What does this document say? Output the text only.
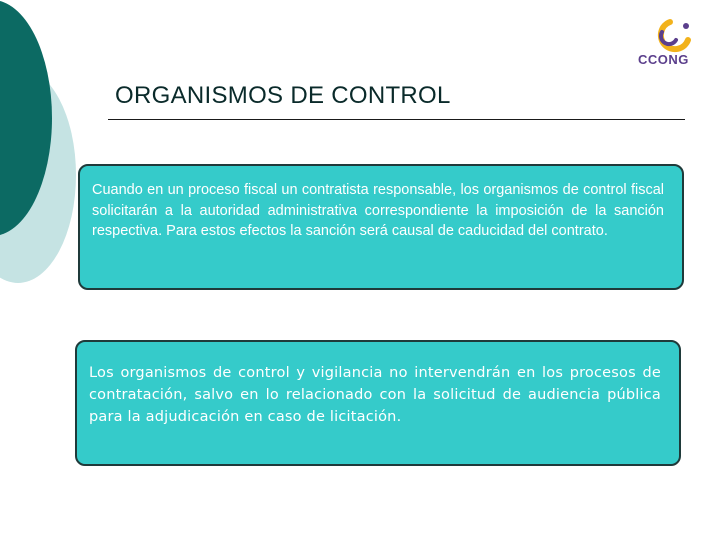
CCONG
ORGANISMOS DE CONTROL

Cuando en un proceso fiscal un contratista responsable, los organismos de control fiscal solicitarán a la autoridad administrativa correspondiente la imposición de la sanción respectiva. Para estos efectos la sanción será causal de caducidad del contrato.

Los organismos de control y vigilancia no intervendrán en los procesos de contratación, salvo en lo relacionado con la solicitud de audiencia pública para la adjudicación en caso de licitación.
